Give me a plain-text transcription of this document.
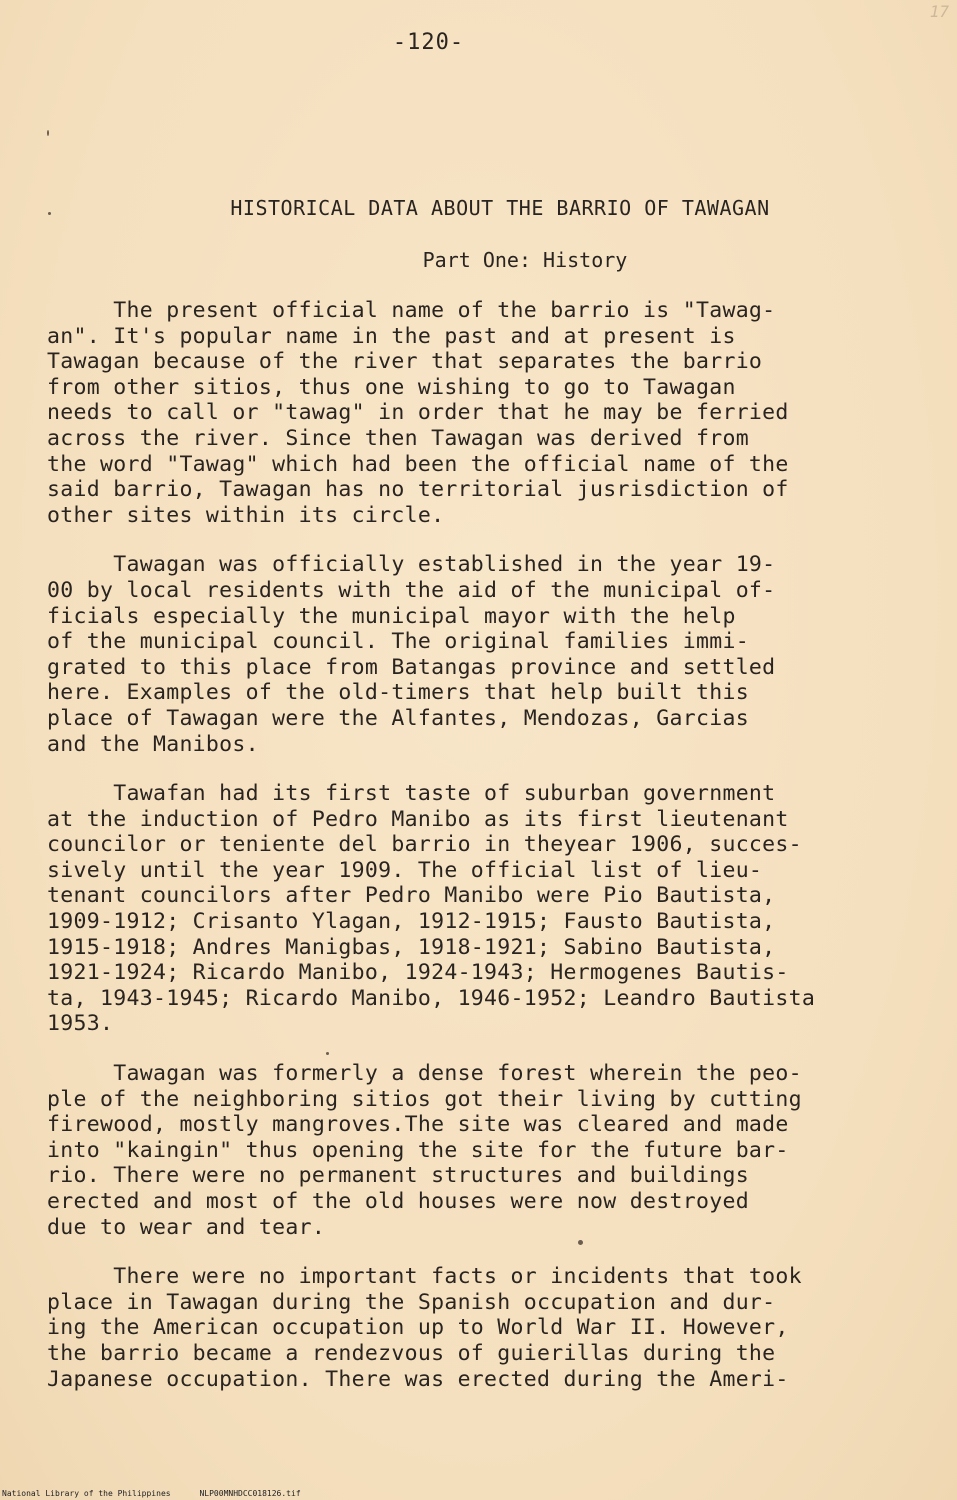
17
-120-
HISTORICAL DATA ABOUT THE BARRIO OF TAWAGAN
Part One: History
The present official name of the barrio is "Tawag-
an". It's popular name in the past and at present is
Tawagan because of the river that separates the barrio
from other sitios, thus one wishing to go to Tawagan
needs to call or "tawag" in order that he may be ferried
across the river. Since then Tawagan was derived from
the word "Tawag" which had been the official name of the
said barrio, Tawagan has no territorial jusrisdiction of
other sites within its circle.
Tawagan was officially established in the year 19-
00 by local residents with the aid of the municipal of-
ficials especially the municipal mayor with the help
of the municipal council. The original families immi-
grated to this place from Batangas province and settled
here. Examples of the old-timers that help built this
place of Tawagan were the Alfantes, Mendozas, Garcias
and the Manibos.
Tawafan had its first taste of suburban government
at the induction of Pedro Manibo as its first lieutenant
councilor or teniente del barrio in theyear 1906, succes-
sively until the year 1909. The official list of lieu-
tenant councilors after Pedro Manibo were Pio Bautista,
1909-1912; Crisanto Ylagan, 1912-1915; Fausto Bautista,
1915-1918; Andres Manigbas, 1918-1921; Sabino Bautista,
1921-1924; Ricardo Manibo, 1924-1943; Hermogenes Bautis-
ta, 1943-1945; Ricardo Manibo, 1946-1952; Leandro Bautista
1953.
Tawagan was formerly a dense forest wherein the peo-
ple of the neighboring sitios got their living by cutting
firewood, mostly mangroves.The site was cleared and made
into "kaingin" thus opening the site for the future bar-
rio. There were no permanent structures and buildings
erected and most of the old houses were now destroyed
due to wear and tear.
There were no important facts or incidents that took
place in Tawagan during the Spanish occupation and dur-
ing the American occupation up to World War II. However,
the barrio became a rendezvous of guierillas during the
Japanese occupation. There was erected during the Ameri-
National Library of the Philippines	NLP00MNHDCC018126.tif
